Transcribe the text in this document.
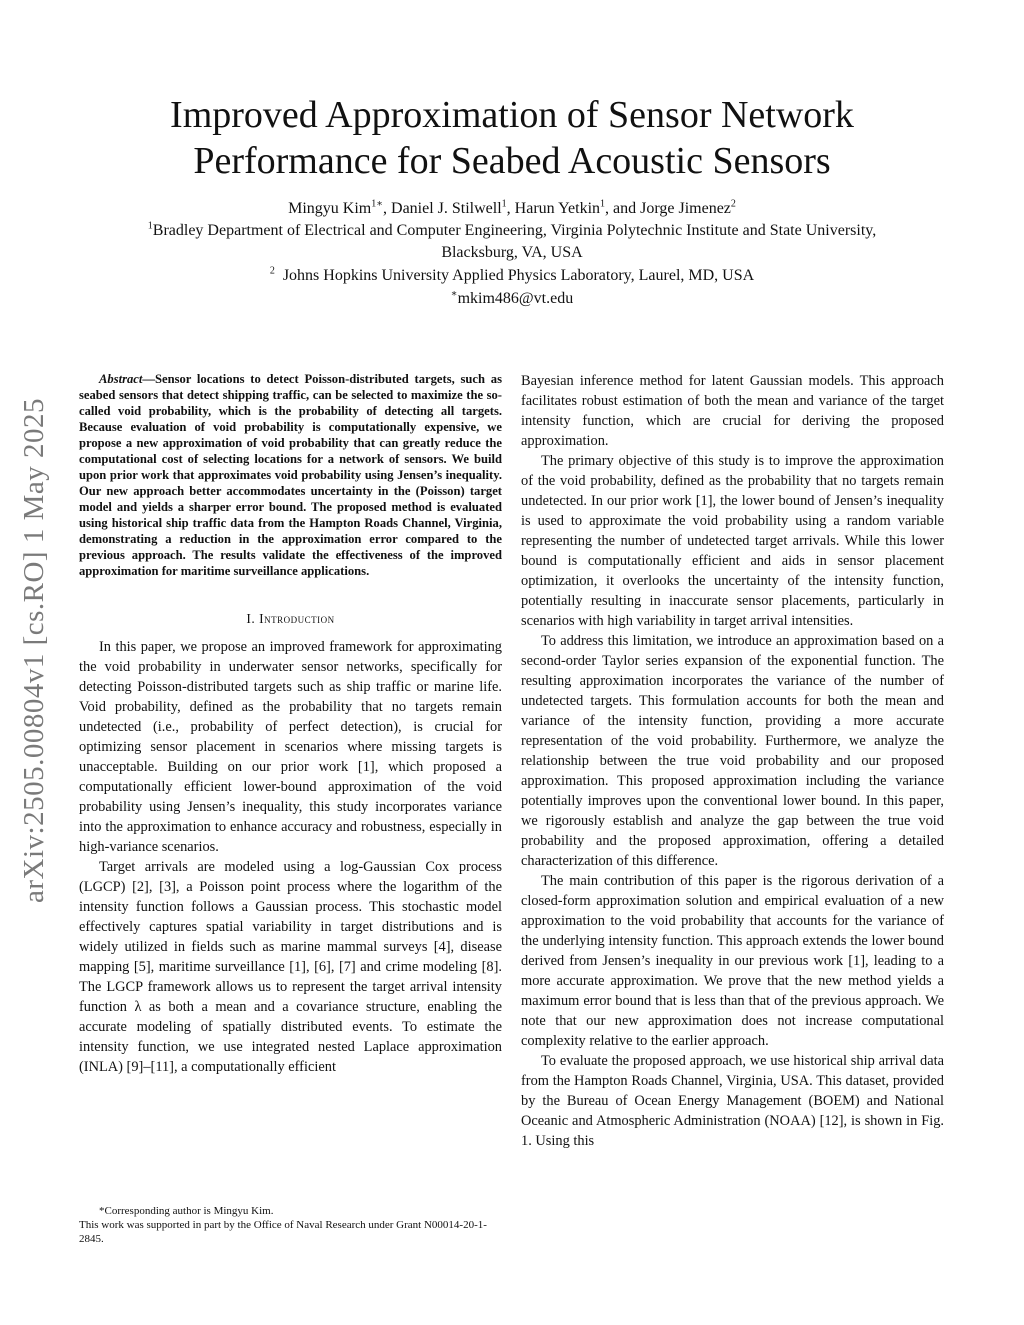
arXiv:2505.00804v1 [cs.RO] 1 May 2025
Improved Approximation of Sensor Network
Performance for Seabed Acoustic Sensors
Mingyu Kim$^{1∗}$, Daniel J. Stilwell$^1$, Harun Yetkin$^1$, and Jorge Jimenez$^2$
$^1$Bradley Department of Electrical and Computer Engineering, Virginia Polytechnic Institute and State University,
Blacksburg, VA, USA
$^2$ Johns Hopkins University Applied Physics Laboratory, Laurel, MD, USA
∗mkim486@vt.edu

Abstract—Sensor locations to detect Poisson-distributed targets, such as seabed sensors that detect shipping traffic, can be selected to maximize the so-called void probability, which is the probability of detecting all targets. Because evaluation of void probability is computationally expensive, we propose a new approximation of void probability that can greatly reduce the computational cost of selecting locations for a network of sensors. We build upon prior work that approximates void probability using Jensen’s inequality. Our new approach better accommodates uncertainty in the (Poisson) target model and yields a sharper error bound. The proposed method is evaluated using historical ship traffic data from the Hampton Roads Channel, Virginia, demonstrating a reduction in the approximation error compared to the previous approach. The results validate the effectiveness of the improved approximation for maritime surveillance applications.

I. Introduction

In this paper, we propose an improved framework for approximating the void probability in underwater sensor networks, specifically for detecting Poisson-distributed targets such as ship traffic or marine life. Void probability, defined as the probability that no targets remain undetected (i.e., probability of perfect detection), is crucial for optimizing sensor placement in scenarios where missing targets is unacceptable. Building on our prior work [1], which proposed a computationally efficient lower-bound approximation of the void probability using Jensen’s inequality, this study incorporates variance into the approximation to enhance accuracy and robustness, especially in high-variance scenarios.

Target arrivals are modeled using a log-Gaussian Cox process (LGCP) [2], [3], a Poisson point process where the logarithm of the intensity function follows a Gaussian process. This stochastic model effectively captures spatial variability in target distributions and is widely utilized in fields such as marine mammal surveys [4], disease mapping [5], maritime surveillance [1], [6], [7] and crime modeling [8]. The LGCP framework allows us to represent the target arrival intensity function λ as both a mean and a covariance structure, enabling the accurate modeling of spatially distributed events. To estimate the intensity function, we use integrated nested Laplace approximation (INLA) [9]–[11], a computationally efficient

Bayesian inference method for latent Gaussian models. This approach facilitates robust estimation of both the mean and variance of the target intensity function, which are crucial for deriving the proposed approximation.

The primary objective of this study is to improve the approximation of the void probability, defined as the probability that no targets remain undetected. In our prior work [1], the lower bound of Jensen’s inequality is used to approximate the void probability using a random variable representing the number of undetected target arrivals. While this lower bound is computationally efficient and aids in sensor placement optimization, it overlooks the uncertainty of the intensity function, potentially resulting in inaccurate sensor placements, particularly in scenarios with high variability in target arrival intensities.

To address this limitation, we introduce an approximation based on a second-order Taylor series expansion of the exponential function. The resulting approximation incorporates the variance of the number of undetected targets. This formulation accounts for both the mean and variance of the intensity function, providing a more accurate representation of the void probability. Furthermore, we analyze the relationship between the true void probability and our proposed approximation. This proposed approximation including the variance potentially improves upon the conventional lower bound. In this paper, we rigorously establish and analyze the gap between the true void probability and the proposed approximation, offering a detailed characterization of this difference.

The main contribution of this paper is the rigorous derivation of a closed-form approximation solution and empirical evaluation of a new approximation to the void probability that accounts for the variance of the underlying intensity function. This approach extends the lower bound derived from Jensen’s inequality in our previous work [1], leading to a more accurate approximation. We prove that the new method yields a maximum error bound that is less than that of the previous approach. We note that our new approximation does not increase computational complexity relative to the earlier approach.

To evaluate the proposed approach, we use historical ship arrival data from the Hampton Roads Channel, Virginia, USA. This dataset, provided by the Bureau of Ocean Energy Management (BOEM) and National Oceanic and Atmospheric Administration (NOAA) [12], is shown in Fig. 1. Using this

*Corresponding author is Mingyu Kim.
This work was supported in part by the Office of Naval Research under Grant N00014-20-1-2845.
